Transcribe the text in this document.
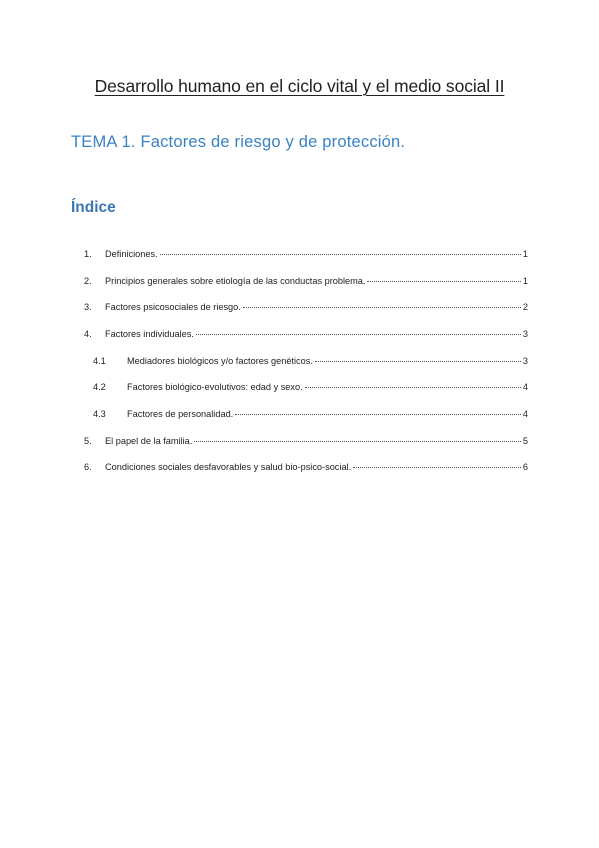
Desarrollo humano en el ciclo vital y el medio social II
TEMA 1. Factores de riesgo y de protección.
Índice
1.	Definiciones.	1
2.	Principios generales sobre etiología de las conductas problema.	1
3.	Factores psicosociales de riesgo.	2
4.	Factores individuales.	3
4.1	Mediadores biológicos y/o factores genéticos.	3
4.2	Factores biológico-evolutivos: edad y sexo.	4
4.3	Factores de personalidad.	4
5.	El papel de la familia.	5
6.	Condiciones sociales desfavorables y salud bio-psico-social.	6
